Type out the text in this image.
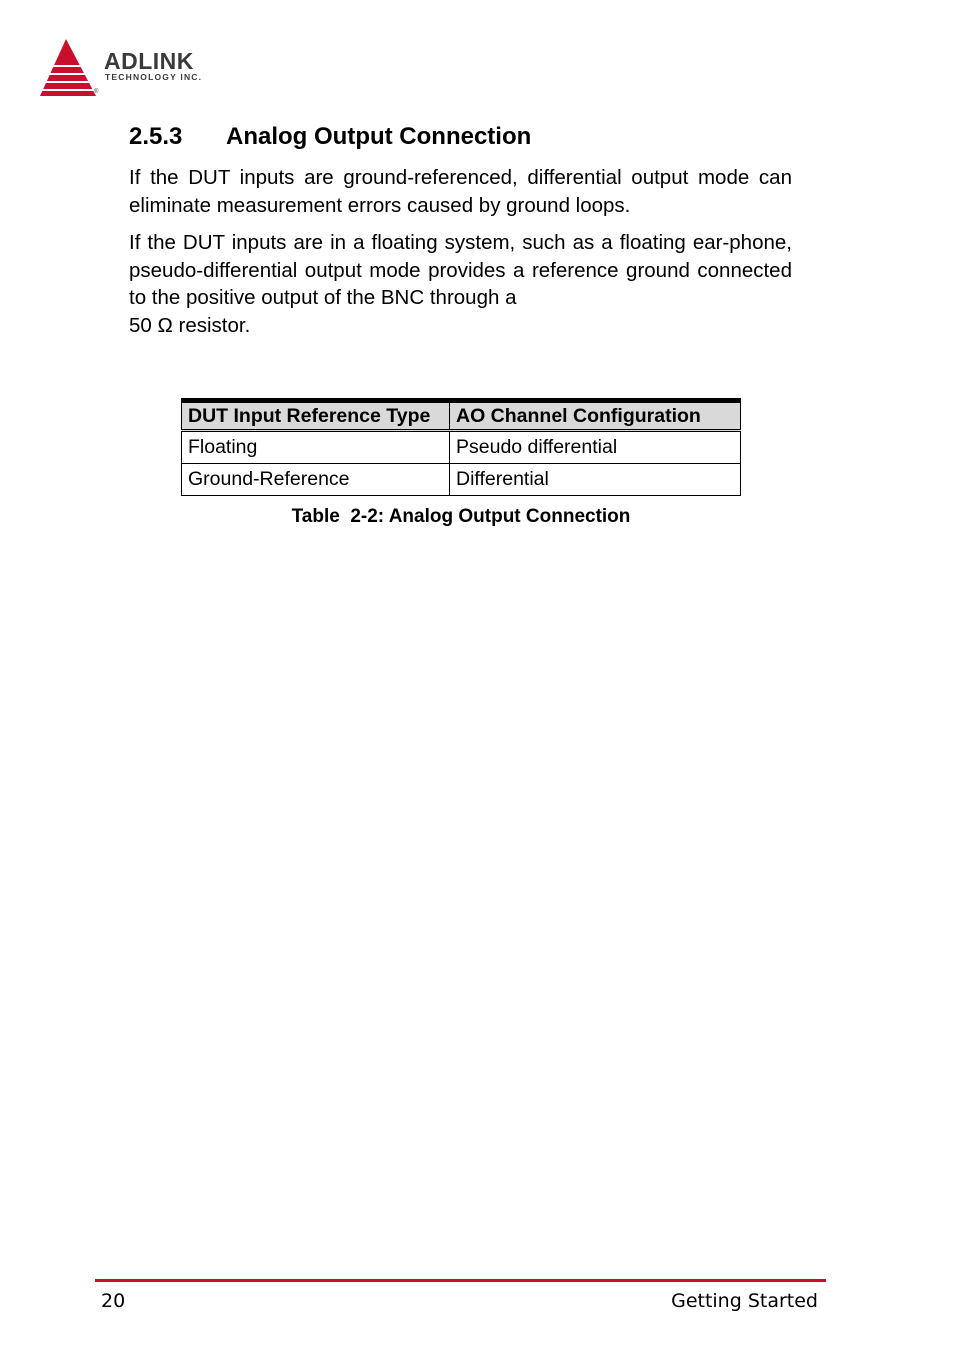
ADLINK
TECHNOLOGY INC.
®
2.5.3 Analog Output Connection

If the DUT inputs are ground-referenced, differential output mode can eliminate measurement errors caused by ground loops.

If the DUT inputs are in a floating system, such as a floating ear-phone, pseudo-differential output mode provides a reference ground connected to the positive output of the BNC through a
50 Ω resistor.

DUT Input Reference Type	AO Channel Configuration
Floating	Pseudo differential
Ground-Reference	Differential
Table  2-2: Analog Output Connection
20	Getting Started
